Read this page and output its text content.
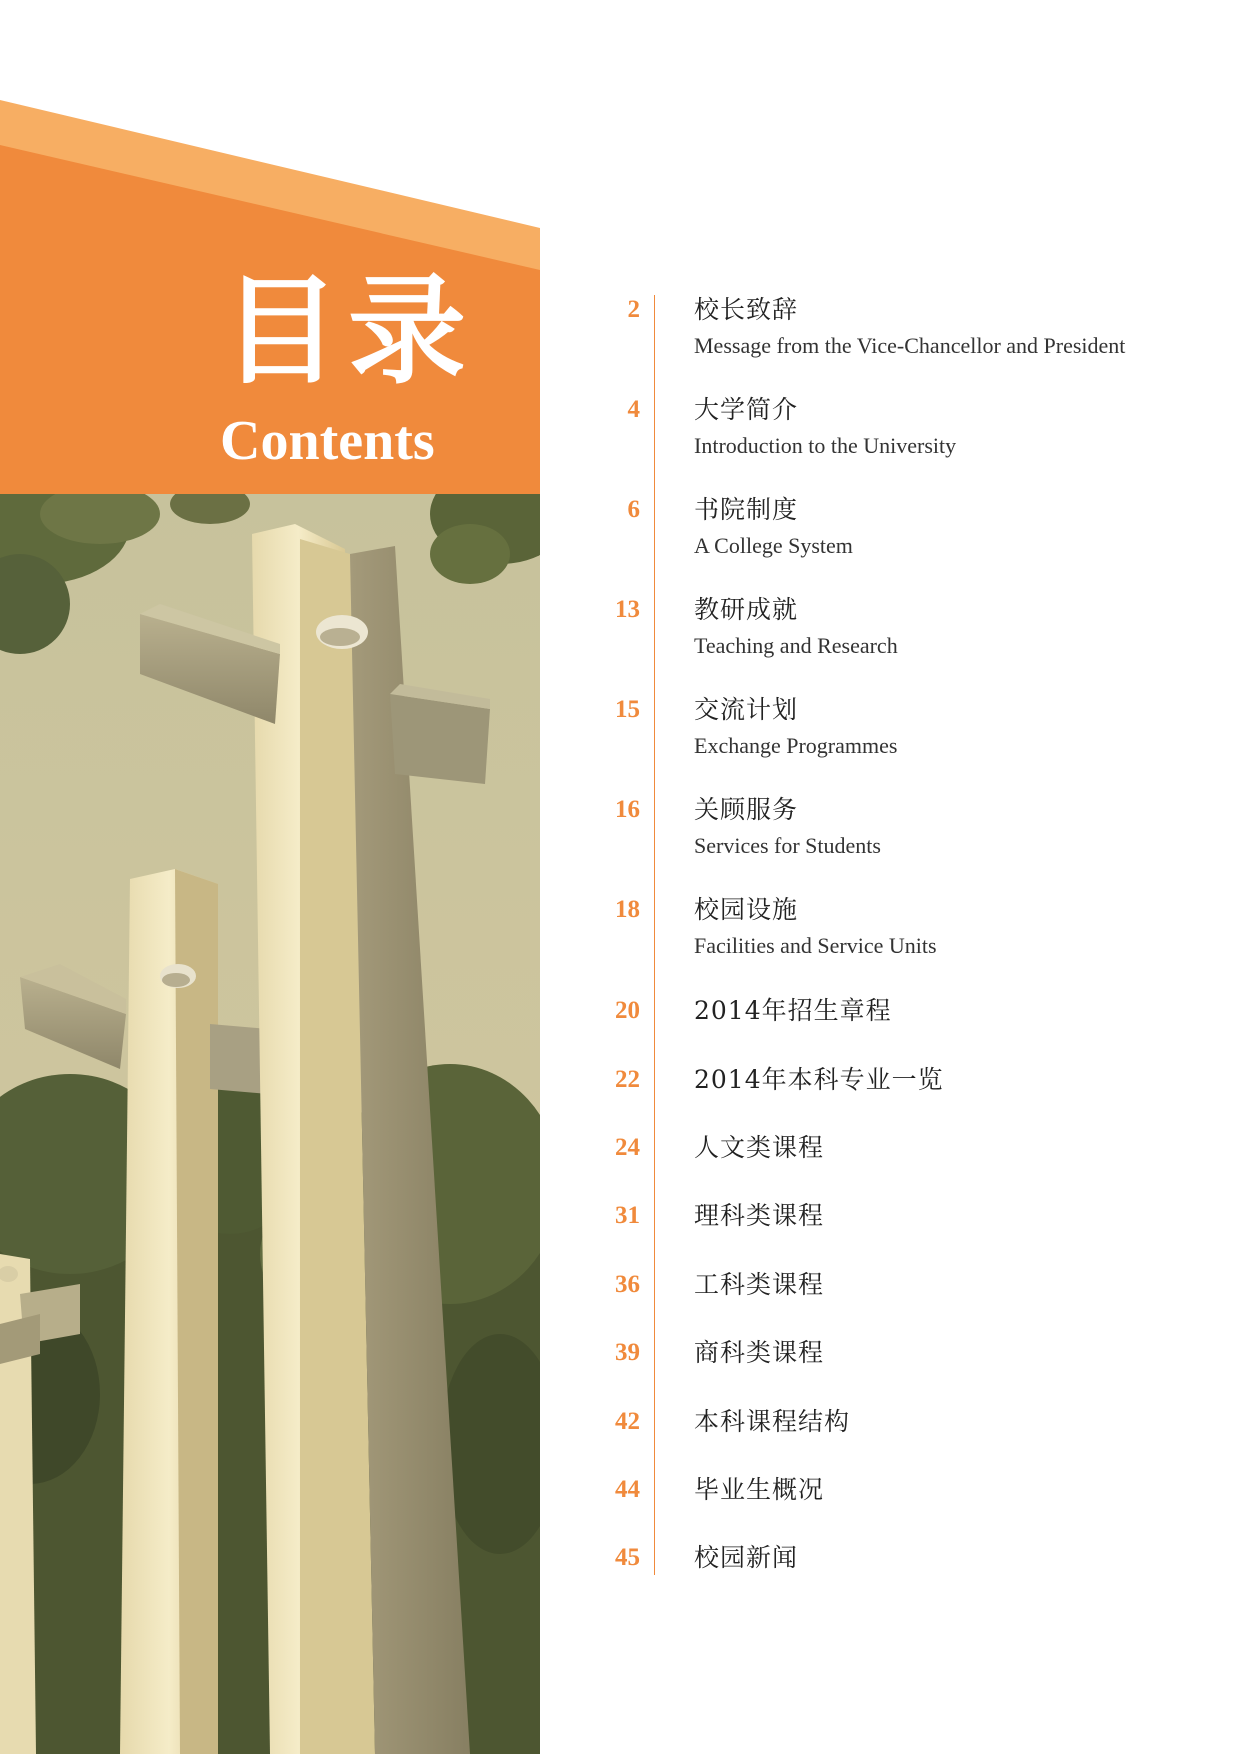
目录
Contents
2 校长致辞
Message from the Vice-Chancellor and President
4 大学简介
Introduction to the University
6 书院制度
A College System
13 教研成就
Teaching and Research
15 交流计划
Exchange Programmes
16 关顾服务
Services for Students
18 校园设施
Facilities and Service Units
20 2014年招生章程
22 2014年本科专业一览
24 人文类课程
31 理科类课程
36 工科类课程
39 商科类课程
42 本科课程结构
44 毕业生概况
45 校园新闻
